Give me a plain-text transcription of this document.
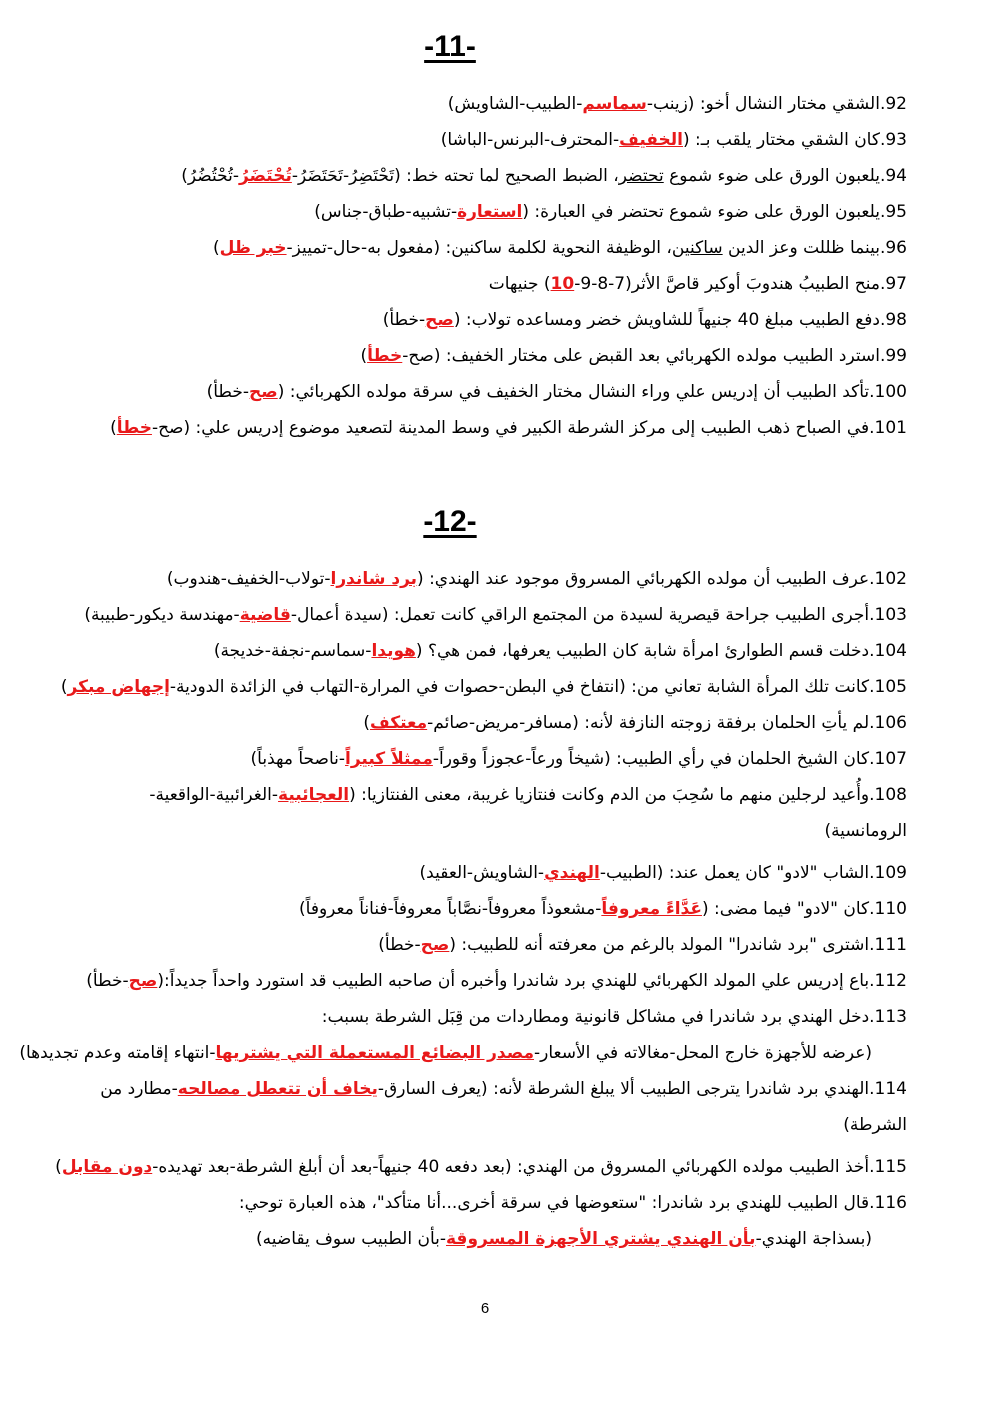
-11-
92.الشقي مختار النشال أخو: (زينب-سماسم-الطبيب-الشاويش)
93.كان الشقي مختار يلقب بـ: (الخفيف-المحترف-البرنس-الباشا)
94.يلعبون الورق على ضوء شموع تحتضر، الضبط الصحيح لما تحته خط: (تَحْتَضِرُ-تَحَتَضَرُ-تُحْتَضَرُ-تُحْتُضُرُ)
95.يلعبون الورق على ضوء شموع تحتضر في العبارة: (استعارة-تشبيه-طباق-جناس)
96.بينما ظللت وعز الدين ساكنين، الوظيفة النحوية لكلمة ساكنين: (مفعول به-حال-تمييز-خبر ظل)
97.منح الطبيبُ هندوبَ أوكير قاصَّ الأثر(7-8-9-10) جنيهات
98.دفع الطبيب مبلغ 40 جنيهاً للشاويش خضر ومساعده تولاب: (صح-خطأ)
99.استرد الطبيب مولده الكهربائي بعد القبض على مختار الخفيف: (صح-خطأ)
100.تأكد الطبيب أن إدريس علي وراء النشال مختار الخفيف في سرقة مولده الكهربائي: (صح-خطأ)
101.في الصباح ذهب الطبيب إلى مركز الشرطة الكبير في وسط المدينة لتصعيد موضوع إدريس علي: (صح-خطأ)
-12-
102.عرف الطبيب أن مولده الكهربائي المسروق موجود عند الهندي: (برد شاندرا-تولاب-الخفيف-هندوب)
103.أجرى الطبيب جراحة قيصرية لسيدة من المجتمع الراقي كانت تعمل: (سيدة أعمال-قاضية-مهندسة ديكور-طبيبة)
104.دخلت قسم الطوارئ امرأة شابة كان الطبيب يعرفها، فمن هي؟ (هويدا-سماسم-نجفة-خديجة)
105.كانت تلك المرأة الشابة تعاني من: (انتفاخ في البطن-حصوات في المرارة-التهاب في الزائدة الدودية-إجهاض مبكر)
106.لم يأتِ الحلمان برفقة زوجته النازفة لأنه: (مسافر-مريض-صائم-معتكف)
107.كان الشيخ الحلمان في رأي الطبيب: (شيخاً ورعاً-عجوزاً وقوراً-ممثلاً كبيراً-ناصحاً مهذباً)
108.وأُعيد لرجلين منهم ما سُحِبَ من الدم وكانت فنتازيا غريبة، معنى الفنتازيا: (العجائبية-الغرائبية-الواقعية-الرومانسية)
109.الشاب "لادو" كان يعمل عند: (الطبيب-الهندي-الشاويش-العقيد)
110.كان "لادو" فيما مضى: (عَدَّاءً معروفاً-مشعوذاً معروفاً-نصَّاباً معروفاً-فناناً معروفاً)
111.اشترى "برد شاندرا" المولد بالرغم من معرفته أنه للطبيب: (صح-خطأ)
112.باع إدريس علي المولد الكهربائي للهندي برد شاندرا وأخبره أن صاحبه الطبيب قد استورد واحداً جديداً:(صح-خطأ)
113.دخل الهندي برد شاندرا في مشاكل قانونية ومطاردات من قِبَل الشرطة بسبب:
(عرضه للأجهزة خارج المحل-مغالاته في الأسعار-مصدر البضائع المستعملة التي يشتريها-انتهاء إقامته وعدم تجديدها)
114.الهندي برد شاندرا يترجى الطبيب ألا يبلغ الشرطة لأنه: (يعرف السارق-يخاف أن تتعطل مصالحه-مطارد من الشرطة)
115.أخذ الطبيب مولده الكهربائي المسروق من الهندي: (بعد دفعه 40 جنيهاً-بعد أن أبلغ الشرطة-بعد تهديده-دون مقابل)
116.قال الطبيب للهندي برد شاندرا: "ستعوضها في سرقة أخرى...أنا متأكد"، هذه العبارة توحي:
(بسذاجة الهندي-بأن الهندي يشتري الأجهزة المسروقة-بأن الطبيب سوف يقاضيه)
6
